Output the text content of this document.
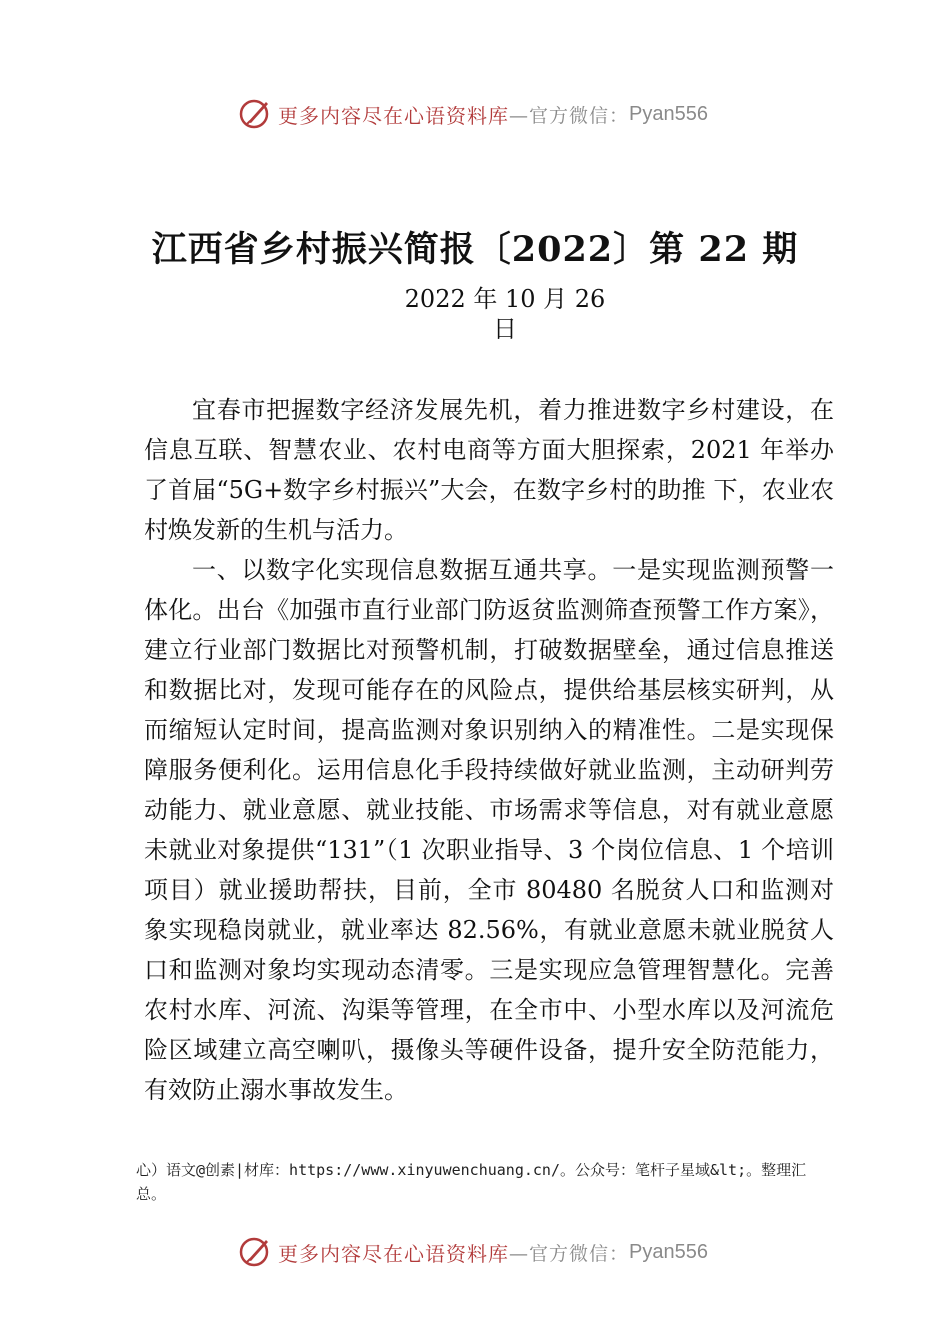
更多内容尽在心语资料库 —官方微信： Pyan556
江西省乡村振兴简报〔2022〕第 22 期
2022 年 10 月 26 日

宜春市把握数字经济发展先机，着力推进数字乡村建设，在信息互联、智慧农业、农村电商等方面大胆探索，2021 年举办了首届“5G+数字乡村振兴”大会，在数字乡村的助推 下，农业农村焕发新的生机与活力。

一、以数字化实现信息数据互通共享。一是实现监测预警一体化。出台《加强市直行业部门防返贫监测筛查预警工作方案》，建立行业部门数据比对预警机制，打破数据壁垒，通过信息推送和数据比对，发现可能存在的风险点，提供给基层核实研判，从而缩短认定时间，提高监测对象识别纳入的精准性。二是实现保障服务便利化。运用信息化手段持续做好就业监测，主动研判劳动能力、就业意愿、就业技能、市场需求等信息，对有就业意愿未就业对象提供“131”（1 次职业指导、3 个岗位信息、1 个培训项目）就业援助帮扶，目前，全市 80480 名脱贫人口和监测对象实现稳岗就业，就业率达 82.56%，有就业意愿未就业脱贫人口和监测对象均实现动态清零。三是实现应急管理智慧化。完善农村水库、河流、沟渠等管理，在全市中、小型水库以及河流危险区域建立高空喇叭，摄像头等硬件设备，提升安全防范能力，有效防止溺水事故发生。

心）语文@创素|材库：https://www.xinyuwenchuang.cn/。公众号：笔杆子星域&lt;。整理汇总。
更多内容尽在心语资料库 —官方微信： Pyan556
